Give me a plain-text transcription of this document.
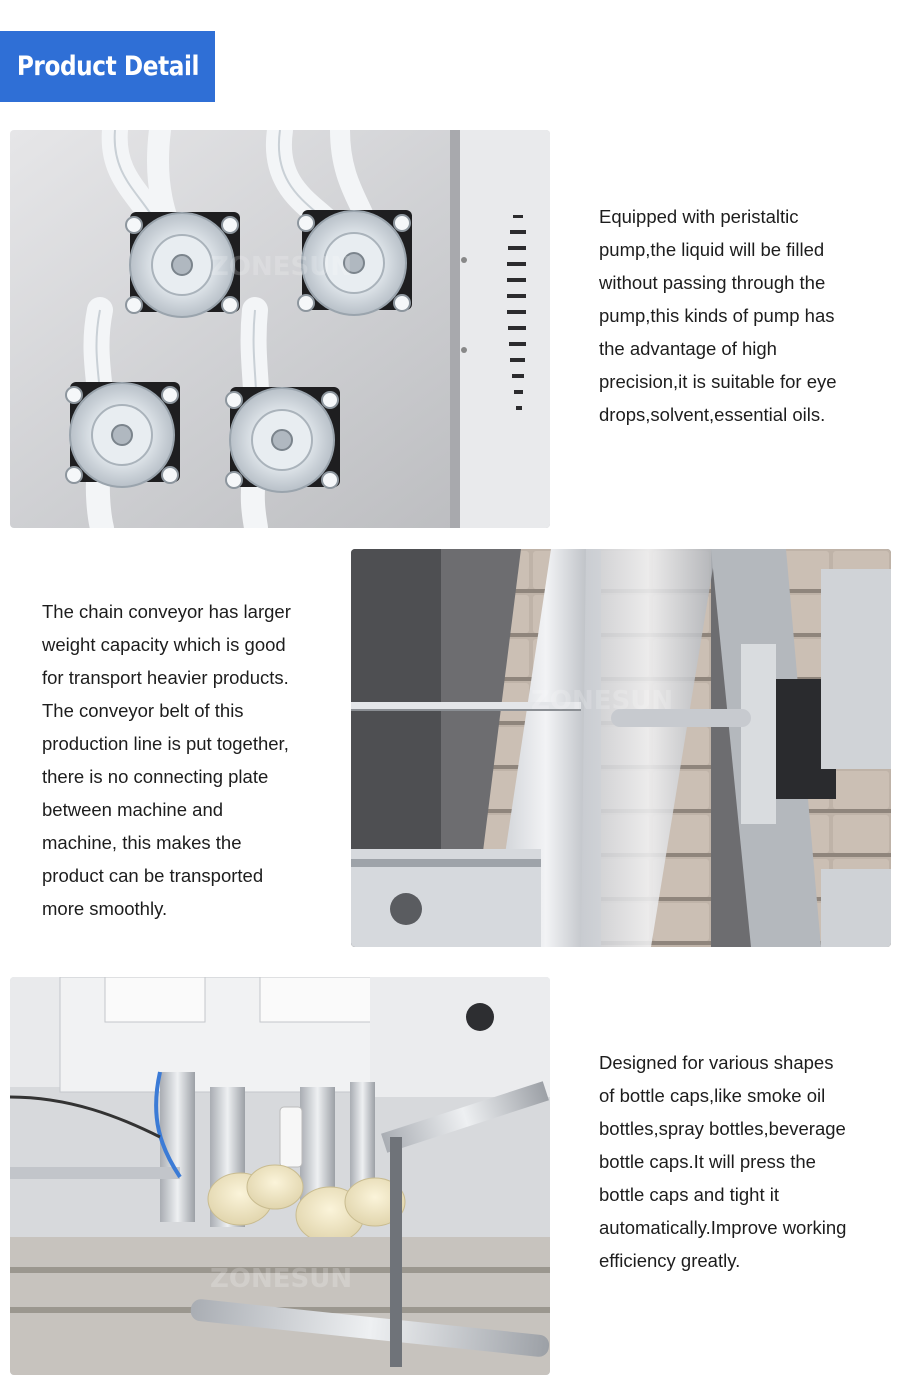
Product Detail
ZONESUN

Equipped with peristaltic
pump,the liquid will be filled
without passing through the
pump,this kinds of pump has
the advantage of high
precision,it is suitable for eye
drops,solvent,essential oils.

The chain conveyor has larger
weight capacity which is good
for transport heavier products.
The conveyor belt of this
production line is put together,
there is no connecting plate
between machine and
machine, this makes the
product can be transported
more smoothly.

ZONESUN
ZONESUN

Designed for various shapes
of bottle caps,like smoke oil
bottles,spray bottles,beverage
bottle caps.It will press the
bottle caps and tight it
automatically.Improve working
efficiency greatly.
